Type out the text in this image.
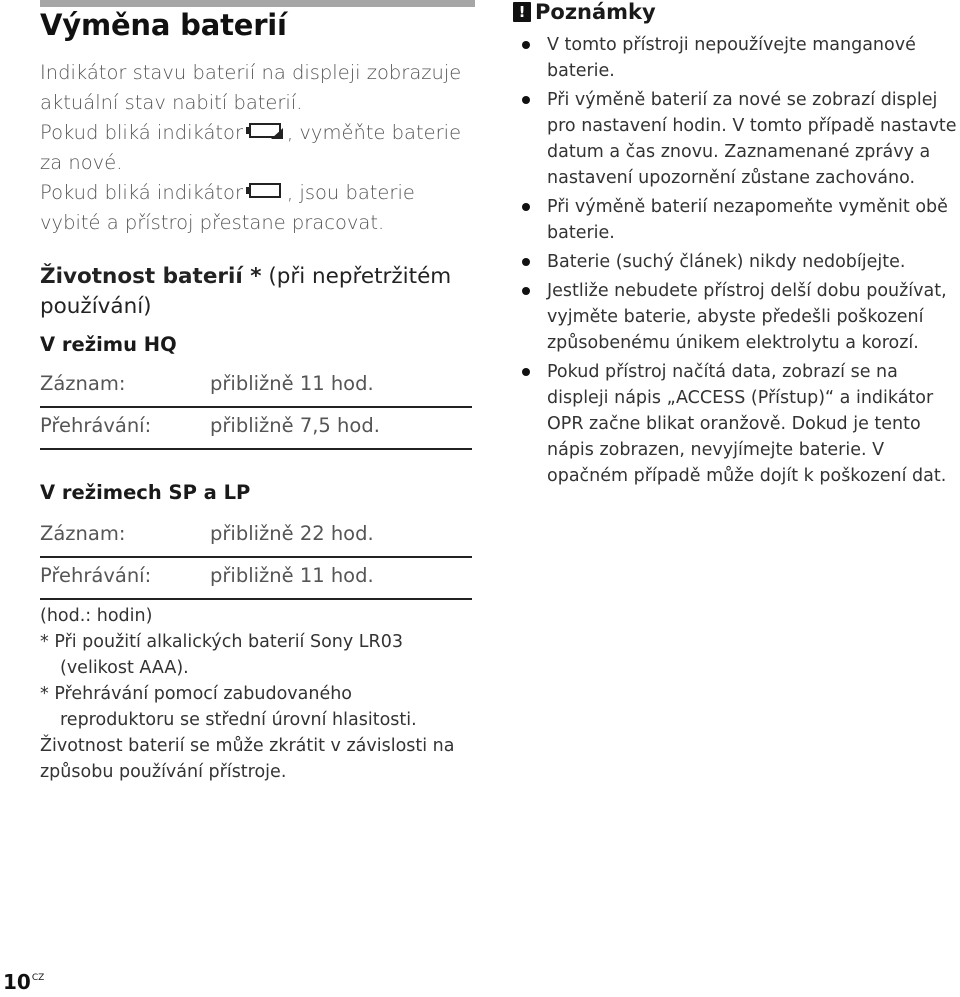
Výměna baterií

Indikátor stavu baterií na displeji zobrazuje aktuální stav nabití baterií.

Pokud bliká indikátor , vyměňte baterie za nové.

Pokud bliká indikátor , jsou baterie vybité a přístroj přestane pracovat.

Životnost baterií * (při nepřetržitém používání)

V režimu HQ

Záznam:	přibližně 11 hod.
Přehrávání:	přibližně 7,5 hod.

V režimech SP a LP

Záznam:	přibližně 22 hod.
Přehrávání:	přibližně 11 hod.

(hod.: hodin)

* Při použití alkalických baterií Sony LR03

(velikost AAA).

* Přehrávání pomocí zabudovaného

reproduktoru se střední úrovní hlasitosti.

Životnost baterií se může zkrátit v závislosti na způsobu používání přístroje.

! Poznámky
V tomto přístroji nepoužívejte manganové baterie.
Při výměně baterií za nové se zobrazí displej pro nastavení hodin. V tomto případě nastavte datum a čas znovu. Zaznamenané zprávy a nastavení upozornění zůstane zachováno.
Při výměně baterií nezapomeňte vyměnit obě baterie.
Baterie (suchý článek) nikdy nedobíjejte.
Jestliže nebudete přístroj delší dobu používat, vyjměte baterie, abyste předešli poškození způsobenému únikem elektrolytu a korozí.
Pokud přístroj načítá data, zobrazí se na displeji nápis „ACCESS (Přístup)“ a indikátor OPR začne blikat oranžově. Dokud je tento nápis zobrazen, nevyjímejte baterie. V opačném případě může dojít k poškození dat.
$10^{CZ}$
